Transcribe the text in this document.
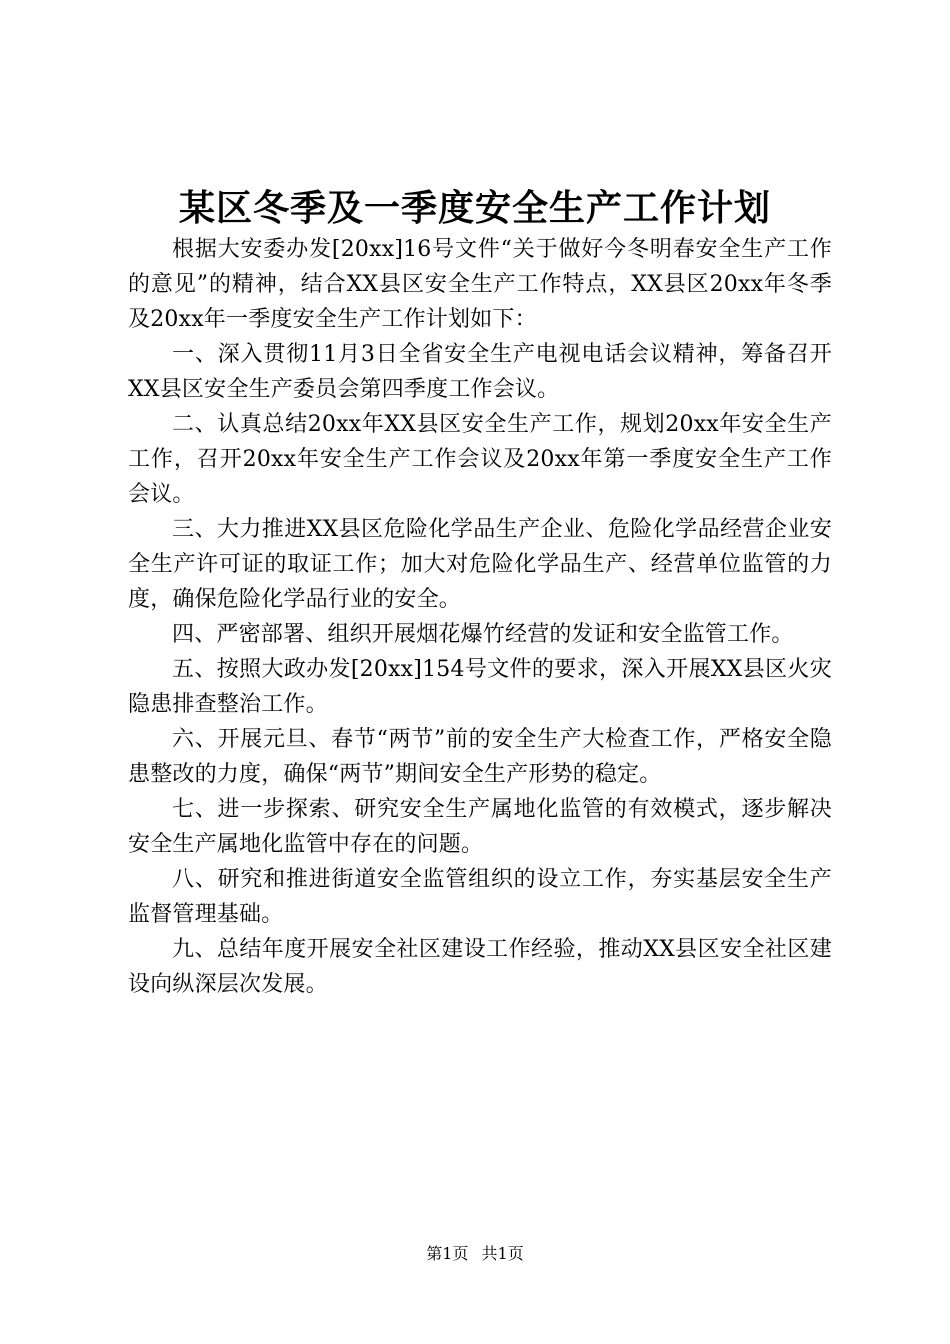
某区冬季及一季度安全生产工作计划

根据大安委办发[20xx]16号文件“关于做好今冬明春安全生产工作的意见”的精神，结合XX县区安全生产工作特点，XX县区20xx年冬季及20xx年一季度安全生产工作计划如下：

一、深入贯彻11月3日全省安全生产电视电话会议精神，筹备召开XX县区安全生产委员会第四季度工作会议。

二、认真总结20xx年XX县区安全生产工作，规划20xx年安全生产工作，召开20xx年安全生产工作会议及20xx年第一季度安全生产工作会议。

三、大力推进XX县区危险化学品生产企业、危险化学品经营企业安全生产许可证的取证工作；加大对危险化学品生产、经营单位监管的力度，确保危险化学品行业的安全。

四、严密部署、组织开展烟花爆竹经营的发证和安全监管工作。

五、按照大政办发[20xx]154号文件的要求，深入开展XX县区火灾隐患排查整治工作。

六、开展元旦、春节“两节”前的安全生产大检查工作，严格安全隐患整改的力度，确保“两节”期间安全生产形势的稳定。

七、进一步探索、研究安全生产属地化监管的有效模式，逐步解决安全生产属地化监管中存在的问题。

八、研究和推进街道安全监管组织的设立工作，夯实基层安全生产监督管理基础。

九、总结年度开展安全社区建设工作经验，推动XX县区安全社区建设向纵深层次发展。

第1页 共1页
